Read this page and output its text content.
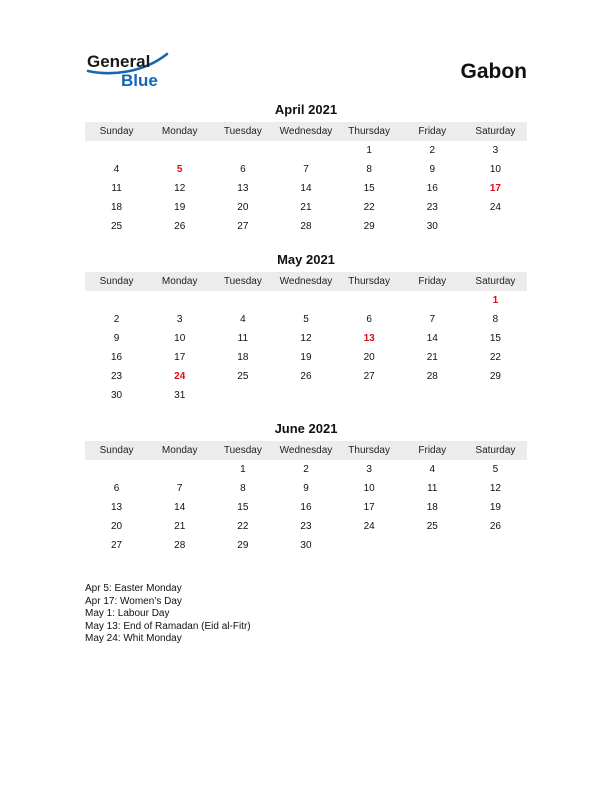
General
Blue	Gabon
April 2021
Sunday	Monday	Tuesday	Wednesday	Thursday	Friday	Saturday
				1	2	3
4	5	6	7	8	9	10
11	12	13	14	15	16	17
18	19	20	21	22	23	24
25	26	27	28	29	30	
May 2021
Sunday	Monday	Tuesday	Wednesday	Thursday	Friday	Saturday
						1
2	3	4	5	6	7	8
9	10	11	12	13	14	15
16	17	18	19	20	21	22
23	24	25	26	27	28	29
30	31					
June 2021
Sunday	Monday	Tuesday	Wednesday	Thursday	Friday	Saturday
		1	2	3	4	5
6	7	8	9	10	11	12
13	14	15	16	17	18	19
20	21	22	23	24	25	26
27	28	29	30			
Apr 5: Easter Monday
Apr 17: Women’s Day
May 1: Labour Day
May 13: End of Ramadan (Eid al-Fitr)
May 24: Whit Monday
